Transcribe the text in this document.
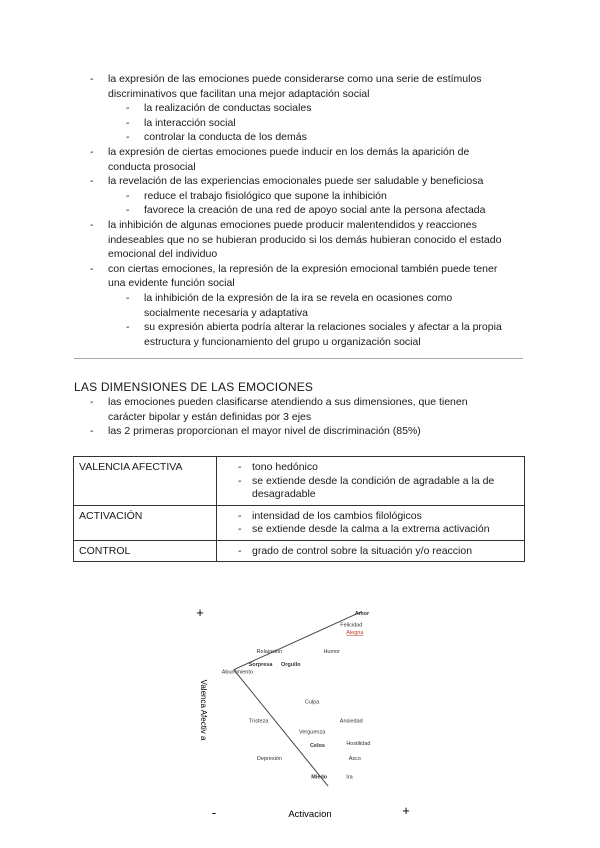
- la expresión de las emociones puede considerarse como una serie de estímulos
discriminativos que facilitan una mejor adaptación social
- la realización de conductas sociales
- la interacción social
- controlar la conducta de los demás
- la expresión de ciertas emociones puede inducir en los demás la aparición de
conducta prosocial
- la revelación de las experiencias emocionales puede ser saludable y beneficiosa
- reduce el trabajo fisiológico que supone la inhibición
- favorece la creación de una red de apoyo social ante la persona afectada
- la inhibición de algunas emociones puede producir malentendidos y reacciones
indeseables que no se hubieran producido si los demás hubieran conocido el estado
emocional del individuo
- con ciertas emociones, la represión de la expresión emocional también puede tener
una evidente función social
- la inhibición de la expresión de la ira se revela en ocasiones como
socialmente necesaria y adaptativa
- su expresión abierta podría alterar la relaciones sociales y afectar a la propia
estructura y funcionamiento del grupo u organización social
LAS DIMENSIONES DE LAS EMOCIONES
- las emociones pueden clasificarse atendiendo a sus dimensiones, que tienen
carácter bipolar y están definidas por 3 ejes
- las 2 primeras proporcionan el mayor nivel de discriminación (85%)
VALENCIA AFECTIVA	- tono hedónico
- se extiende desde la condición de agradable a la de desagradable

ACTIVACIÓN	- intensidad de los cambios filológicos
- se extiende desde la calma a la extrema activación

CONTROL	- grado de control sobre la situación y/o reaccion
+
-	+
Activacion
Valenca Afectiv a
Amor
Felicidad
Alegria
Relajacion	Humor
Sorpresa Orgullo
Aburrimiento
Culpa
Tristeza	Ansiedad
Verguenza
Hostilidad
Celos
Depresión	Asco
Miedo	Ira
